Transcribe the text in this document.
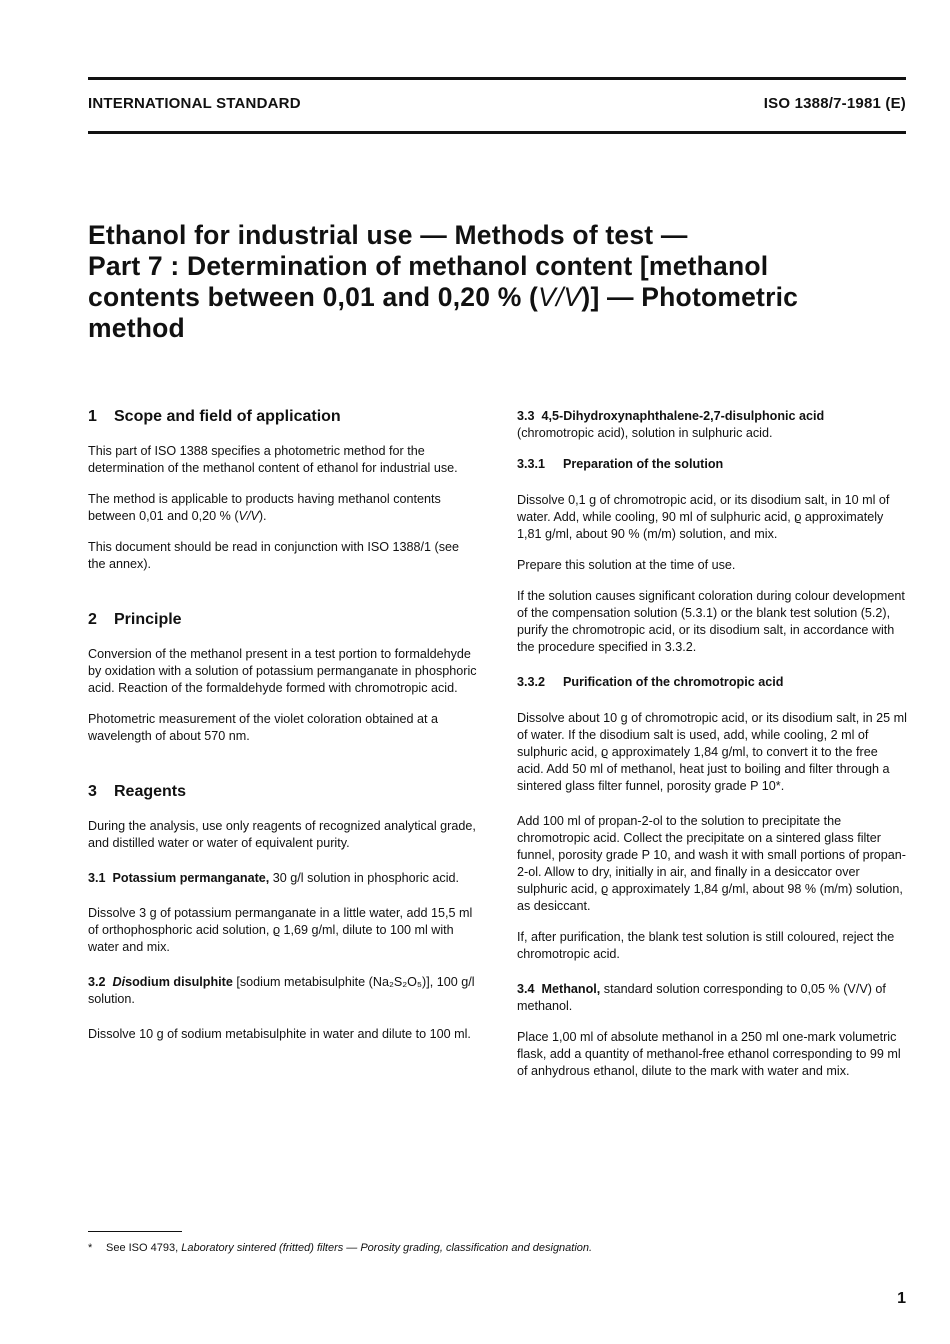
INTERNATIONAL STANDARD	ISO 1388/7-1981 (E)
Ethanol for industrial use — Methods of test —
Part 7 : Determination of methanol content [methanol
contents between 0,01 and 0,20 % (V/V)] — Photometric
method
1 Scope and field of application
This part of ISO 1388 specifies a photometric method for the determination of the methanol content of ethanol for industrial use.
The method is applicable to products having methanol contents between 0,01 and 0,20 % (V/V).
This document should be read in conjunction with ISO 1388/1 (see the annex).
2 Principle
Conversion of the methanol present in a test portion to formaldehyde by oxidation with a solution of potassium permanganate in phosphoric acid. Reaction of the formaldehyde formed with chromotropic acid.
Photometric measurement of the violet coloration obtained at a wavelength of about 570 nm.
3 Reagents
During the analysis, use only reagents of recognized analytical grade, and distilled water or water of equivalent purity.
3.1 Potassium permanganate, 30 g/l solution in phosphoric acid.
Dissolve 3 g of potassium permanganate in a little water, add 15,5 ml of orthophosphoric acid solution, ϱ 1,69 g/ml, dilute to 100 ml with water and mix.
3.2 Disodium disulphite [sodium metabisulphite (Na₂S₂O₅)], 100 g/l solution.
Dissolve 10 g of sodium metabisulphite in water and dilute to 100 ml.
3.3 4,5-Dihydroxynaphthalene-2,7-disulphonic acid
(chromotropic acid), solution in sulphuric acid.
3.3.1 Preparation of the solution
Dissolve 0,1 g of chromotropic acid, or its disodium salt, in 10 ml of water. Add, while cooling, 90 ml of sulphuric acid, ϱ approximately 1,81 g/ml, about 90 % (m/m) solution, and mix.
Prepare this solution at the time of use.
If the solution causes significant coloration during colour development of the compensation solution (5.3.1) or the blank test solution (5.2), purify the chromotropic acid, or its disodium salt, in accordance with the procedure specified in 3.3.2.
3.3.2 Purification of the chromotropic acid
Dissolve about 10 g of chromotropic acid, or its disodium salt, in 25 ml of water. If the disodium salt is used, add, while cooling, 2 ml of sulphuric acid, ϱ approximately 1,84 g/ml, to convert it to the free acid. Add 50 ml of methanol, heat just to boiling and filter through a sintered glass filter funnel, porosity grade P 10*.
Add 100 ml of propan-2-ol to the solution to precipitate the chromotropic acid. Collect the precipitate on a sintered glass filter funnel, porosity grade P 10, and wash it with small portions of propan-2-ol. Allow to dry, initially in air, and finally in a desiccator over sulphuric acid, ϱ approximately 1,84 g/ml, about 98 % (m/m) solution, as desiccant.
If, after purification, the blank test solution is still coloured, reject the chromotropic acid.
3.4 Methanol, standard solution corresponding to 0,05 % (V/V) of methanol.
Place 1,00 ml of absolute methanol in a 250 ml one-mark volumetric flask, add a quantity of methanol-free ethanol corresponding to 99 ml of anhydrous ethanol, dilute to the mark with water and mix.
* See ISO 4793, Laboratory sintered (fritted) filters — Porosity grading, classification and designation.
1
